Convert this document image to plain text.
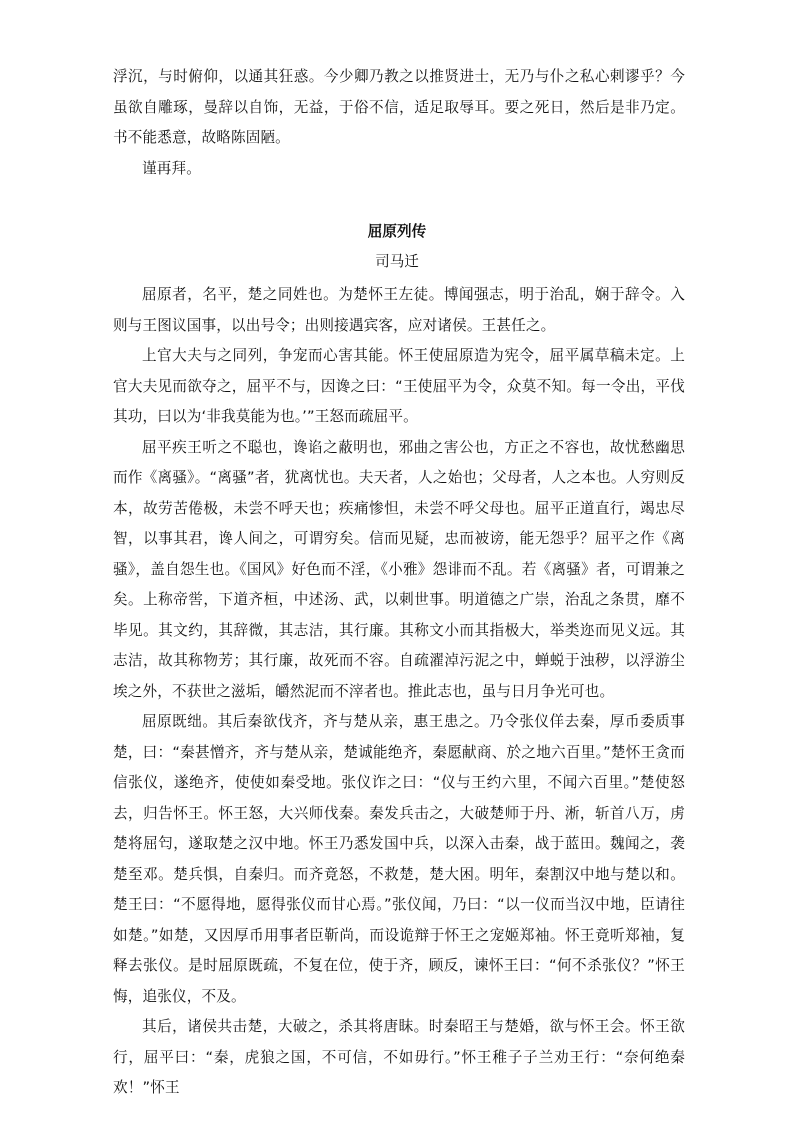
浮沉，与时俯仰，以通其狂惑。今少卿乃教之以推贤进士，无乃与仆之私心剌谬乎？今虽欲自雕琢，曼辞以自饰，无益，于俗不信，适足取辱耳。要之死日，然后是非乃定。书不能悉意，故略陈固陋。

谨再拜。

屈原列传
司马迁

屈原者，名平，楚之同姓也。为楚怀王左徒。博闻强志，明于治乱，娴于辞令。入则与王图议国事，以出号令；出则接遇宾客，应对诸侯。王甚任之。

上官大夫与之同列，争宠而心害其能。怀王使屈原造为宪令，屈平属草稿未定。上官大夫见而欲夺之，屈平不与，因谗之曰：“王使屈平为令，众莫不知。每一令出，平伐其功，曰以为‘非我莫能为也。’”王怒而疏屈平。

屈平疾王听之不聪也，谗谄之蔽明也，邪曲之害公也，方正之不容也，故忧愁幽思而作《离骚》。“离骚”者，犹离忧也。夫天者，人之始也；父母者，人之本也。人穷则反本，故劳苦倦极，未尝不呼天也；疾痛惨怛，未尝不呼父母也。屈平正道直行，竭忠尽智，以事其君，谗人间之，可谓穷矣。信而见疑，忠而被谤，能无怨乎？屈平之作《离骚》，盖自怨生也。《国风》好色而不淫，《小雅》怨诽而不乱。若《离骚》者，可谓兼之矣。上称帝喾，下道齐桓，中述汤、武，以刺世事。明道德之广崇，治乱之条贯，靡不毕见。其文约，其辞微，其志洁，其行廉。其称文小而其指极大，举类迩而见义远。其志洁，故其称物芳；其行廉，故死而不容。自疏濯淖污泥之中，蝉蜕于浊秽，以浮游尘埃之外，不获世之滋垢，皭然泥而不滓者也。推此志也，虽与日月争光可也。

屈原既绌。其后秦欲伐齐，齐与楚从亲，惠王患之。乃令张仪佯去秦，厚币委质事楚，曰：“秦甚憎齐，齐与楚从亲，楚诚能绝齐，秦愿献商、於之地六百里。”楚怀王贪而信张仪，遂绝齐，使使如秦受地。张仪诈之曰：“仪与王约六里，不闻六百里。”楚使怒去，归告怀王。怀王怒，大兴师伐秦。秦发兵击之，大破楚师于丹、淅，斩首八万，虏楚将屈匄，遂取楚之汉中地。怀王乃悉发国中兵，以深入击秦，战于蓝田。魏闻之，袭楚至邓。楚兵惧，自秦归。而齐竟怒，不救楚，楚大困。明年，秦割汉中地与楚以和。楚王曰：“不愿得地，愿得张仪而甘心焉。”张仪闻，乃曰：“以一仪而当汉中地，臣请往如楚。”如楚，又因厚币用事者臣靳尚，而设诡辩于怀王之宠姬郑袖。怀王竟听郑袖，复释去张仪。是时屈原既疏，不复在位，使于齐，顾反，谏怀王曰：“何不杀张仪？”怀王悔，追张仪，不及。

其后，诸侯共击楚，大破之，杀其将唐眜。时秦昭王与楚婚，欲与怀王会。怀王欲行，屈平曰：“秦，虎狼之国，不可信，不如毋行。”怀王稚子子兰劝王行：“奈何绝秦欢！”怀王
